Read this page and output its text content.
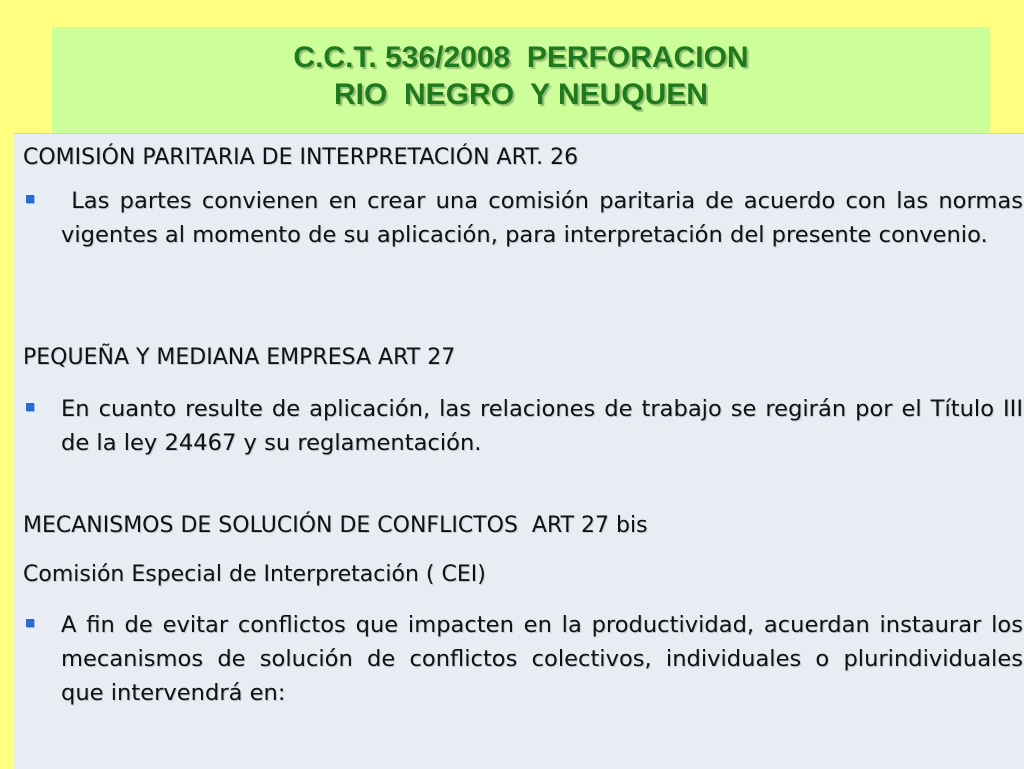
C.C.T. 536/2008  PERFORACION
RIO  NEGRO  Y NEUQUEN
COMISIÓN PARITARIA DE INTERPRETACIÓN ART. 26
Las partes convienen en crear una comisión paritaria de acuerdo con las normas vigentes al momento de su aplicación, para interpretación del presente convenio.
PEQUEÑA Y MEDIANA EMPRESA ART 27
En cuanto resulte de aplicación, las relaciones de trabajo se regirán por el Título III de la ley 24467 y su reglamentación.
MECANISMOS DE SOLUCIÓN DE CONFLICTOS  ART 27 bis
Comisión Especial de Interpretación ( CEI)
A fin de evitar conflictos que impacten en la productividad, acuerdan instaurar los mecanismos de solución de conflictos colectivos, individuales o plurindividuales  que intervendrá en:
